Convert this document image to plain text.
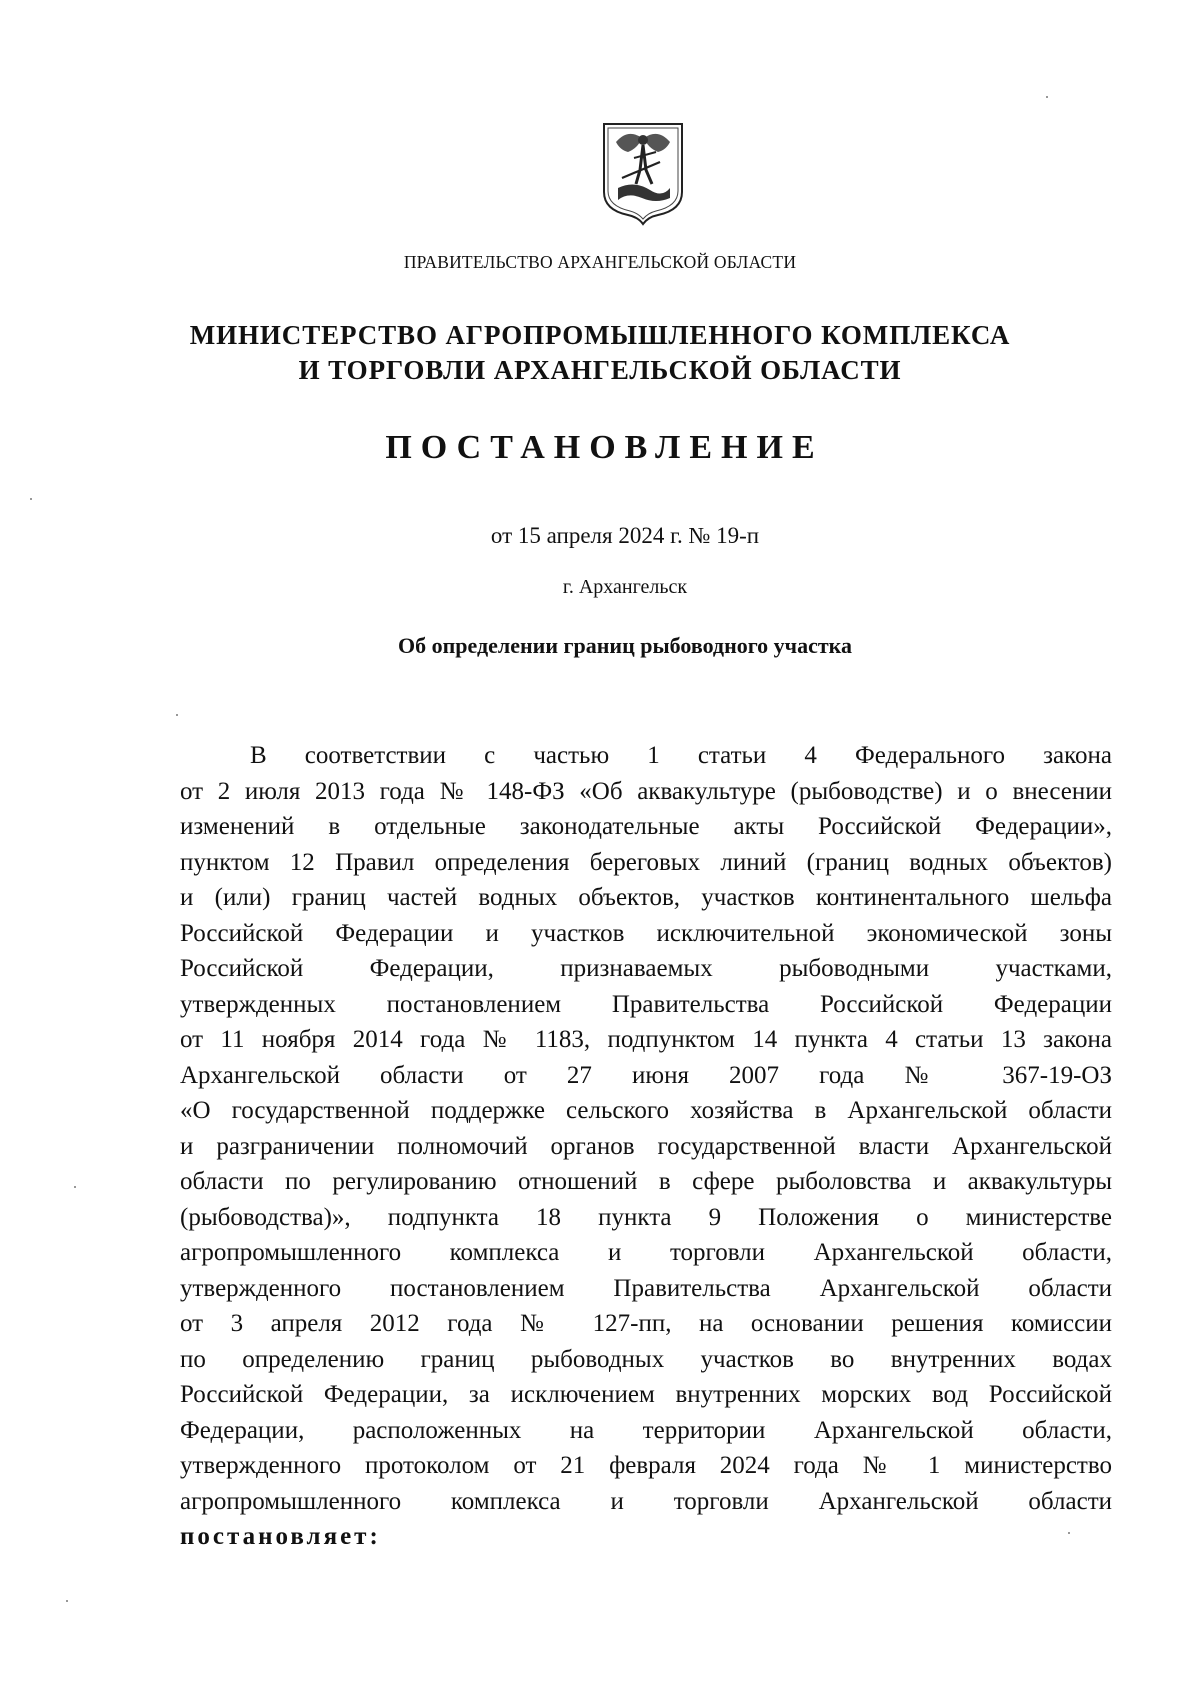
ПРАВИТЕЛЬСТВО АРХАНГЕЛЬСКОЙ ОБЛАСТИ
МИНИСТЕРСТВО АГРОПРОМЫШЛЕННОГО КОМПЛЕКСА
И ТОРГОВЛИ АРХАНГЕЛЬСКОЙ ОБЛАСТИ
ПОСТАНОВЛЕНИЕ
от 15 апреля 2024 г. № 19-п
г. Архангельск
Об определении границ рыбоводного участка
В соответствии с частью 1 статьи 4 Федерального закона
от 2 июля 2013 года № 148-ФЗ «Об аквакультуре (рыбоводстве) и о внесении
изменений в отдельные законодательные акты Российской Федерации»,
пунктом 12 Правил определения береговых линий (границ водных объектов)
и (или) границ частей водных объектов, участков континентального шельфа
Российской Федерации и участков исключительной экономической зоны
Российской Федерации, признаваемых рыбоводными участками,
утвержденных постановлением Правительства Российской Федерации
от 11 ноября 2014 года № 1183, подпунктом 14 пункта 4 статьи 13 закона
Архангельской области от 27 июня 2007 года № 367-19-ОЗ
«О государственной поддержке сельского хозяйства в Архангельской области
и разграничении полномочий органов государственной власти Архангельской
области по регулированию отношений в сфере рыболовства и аквакультуры
(рыбоводства)», подпункта 18 пункта 9 Положения о министерстве
агропромышленного комплекса и торговли Архангельской области,
утвержденного постановлением Правительства Архангельской области
от 3 апреля 2012 года № 127-пп, на основании решения комиссии
по определению границ рыбоводных участков во внутренних водах
Российской Федерации, за исключением внутренних морских вод Российской
Федерации, расположенных на территории Архангельской области,
утвержденного протоколом от 21 февраля 2024 года № 1 министерство
агропромышленного комплекса и торговли Архангельской области
постановляет:
